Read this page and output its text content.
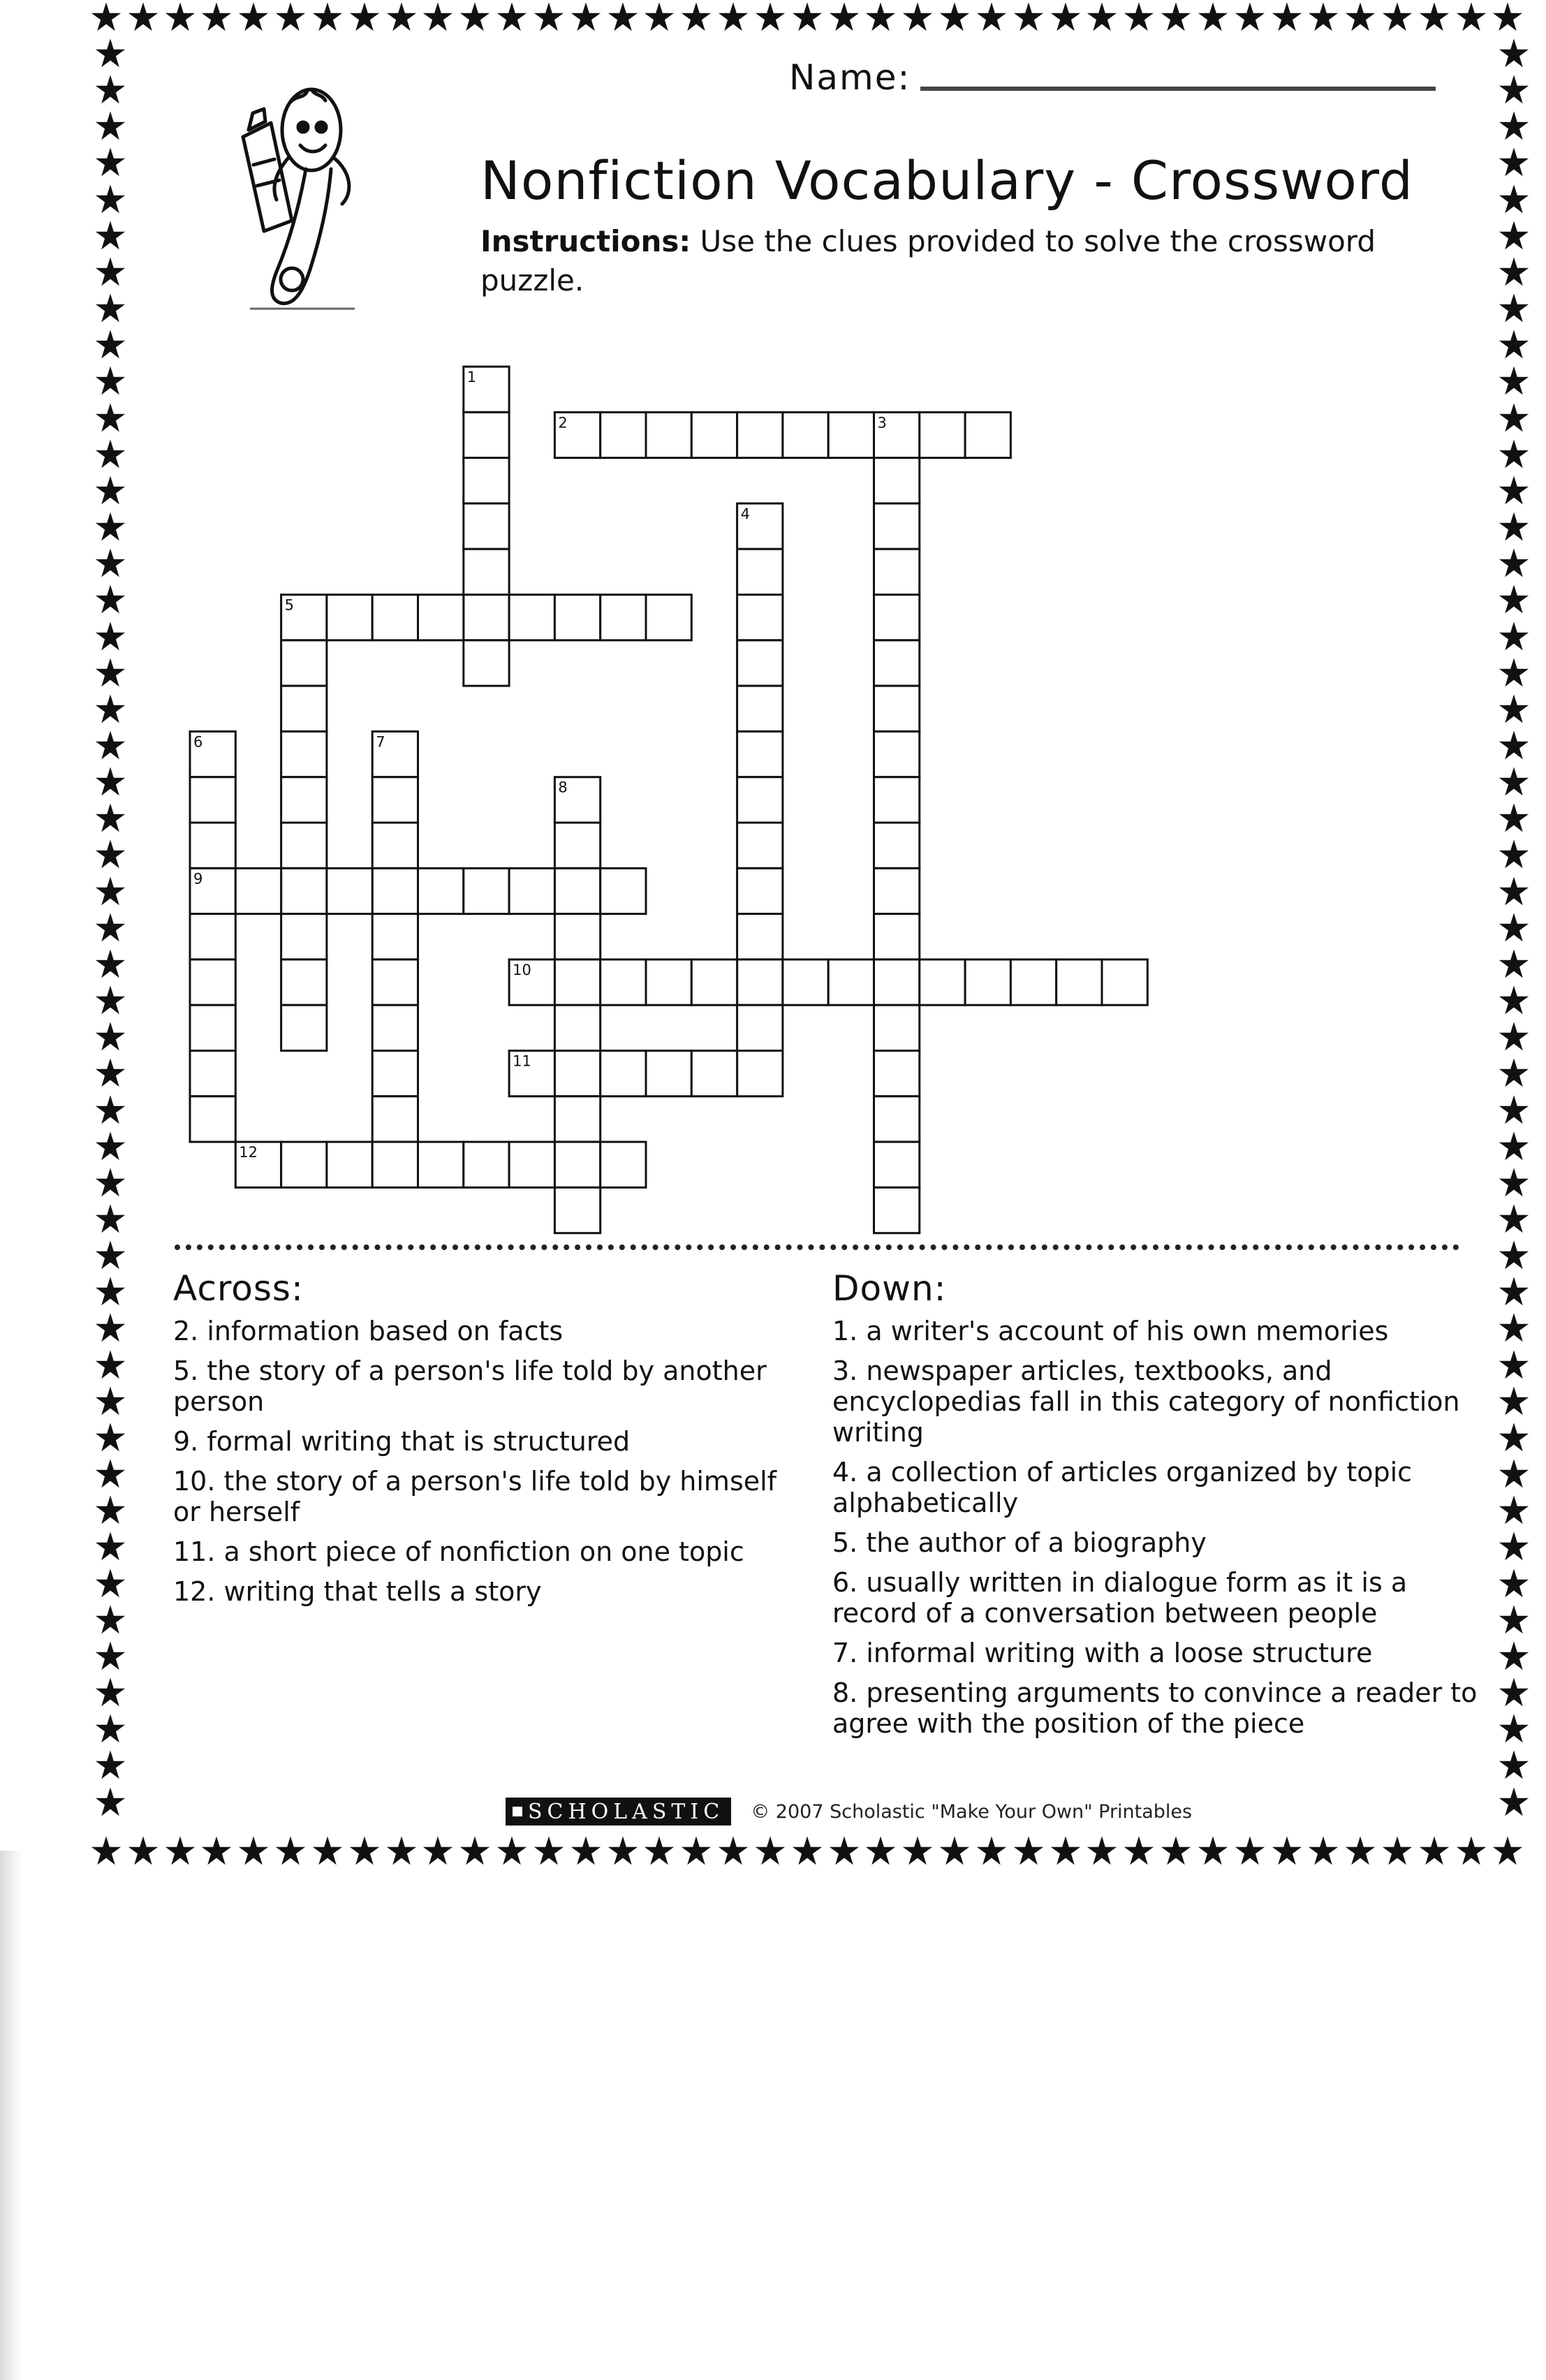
Name:
Nonfiction Vocabulary - Crossword
Instructions: Use the clues provided to solve the crossword puzzle.
1
2	3
4
5
6	7
8
9
10
11
12
Across:
2. information based on facts
5. the story of a person's life told by another person
9. formal writing that is structured
10. the story of a person's life told by himself or herself
11. a short piece of nonfiction on one topic
12. writing that tells a story
Down:
1. a writer's account of his own memories
3. newspaper articles, textbooks, and encyclopedias fall in this category of nonfiction writing
4. a collection of articles organized by topic alphabetically
5. the author of a biography
6. usually written in dialogue form as it is a record of a conversation between people
7. informal writing with a loose structure
8. presenting arguments to convince a reader to agree with the position of the piece
SCHOLASTIC © 2007 Scholastic "Make Your Own" Printables
